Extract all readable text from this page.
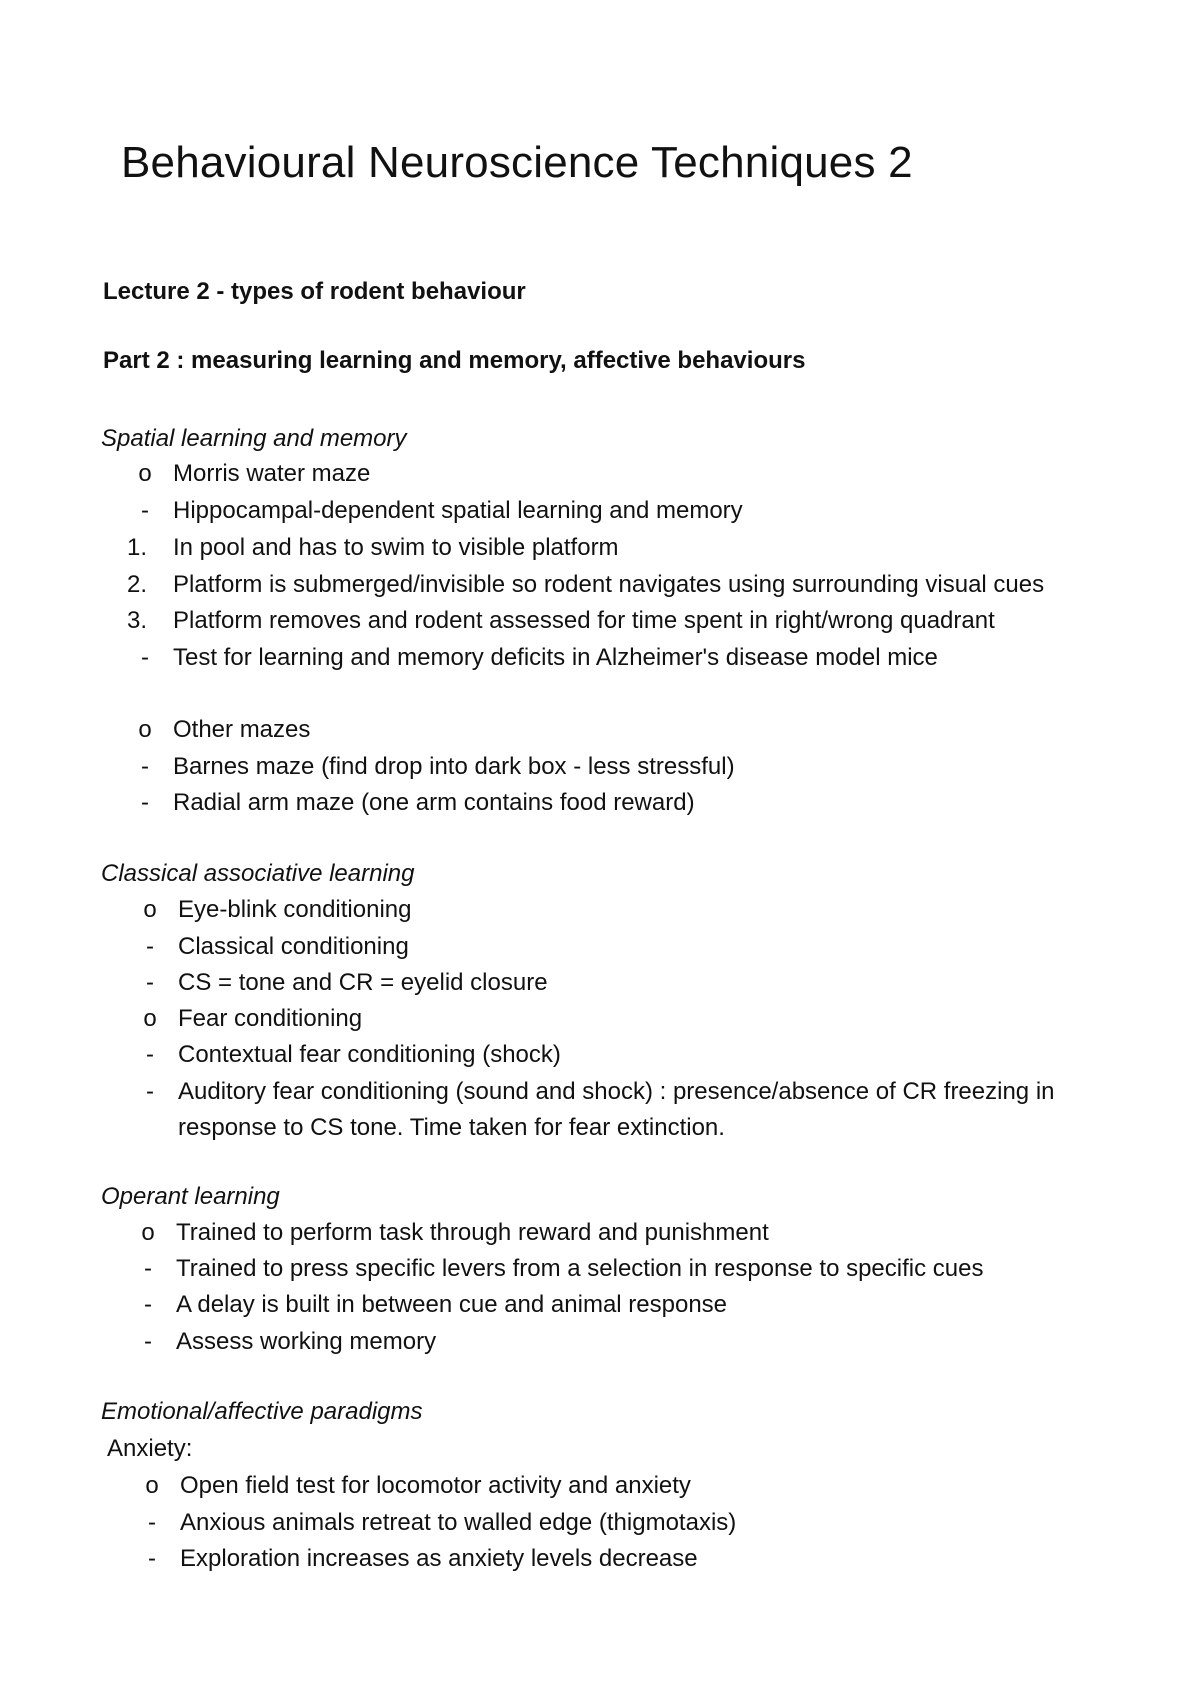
Behavioural Neuroscience Techniques 2
Lecture 2 - types of rodent behaviour
Part 2 : measuring learning and memory, affective behaviours
Spatial learning and memory
o Morris water maze
-	Hippocampal-dependent spatial learning and memory
1. In pool and has to swim to visible platform
2. Platform is submerged/invisible so rodent navigates using surrounding visual cues
3. Platform removes and rodent assessed for time spent in right/wrong quadrant
-	Test for learning and memory deficits in Alzheimer's disease model mice
o Other mazes
-	Barnes maze (find drop into dark box - less stressful)
-	Radial arm maze (one arm contains food reward)
Classical associative learning
o Eye-blink conditioning
-	Classical conditioning
-	CS = tone and CR = eyelid closure
o Fear conditioning
-	Contextual fear conditioning (shock)
-	Auditory fear conditioning (sound and shock) : presence/absence of CR freezing in
response to CS tone. Time taken for fear extinction.
Operant learning
o Trained to perform task through reward and punishment
-	Trained to press specific levers from a selection in response to specific cues
-	A delay is built in between cue and animal response
-	Assess working memory
Emotional/affective paradigms
Anxiety:
o Open field test for locomotor activity and anxiety
-	Anxious animals retreat to walled edge (thigmotaxis)
-	Exploration increases as anxiety levels decrease
